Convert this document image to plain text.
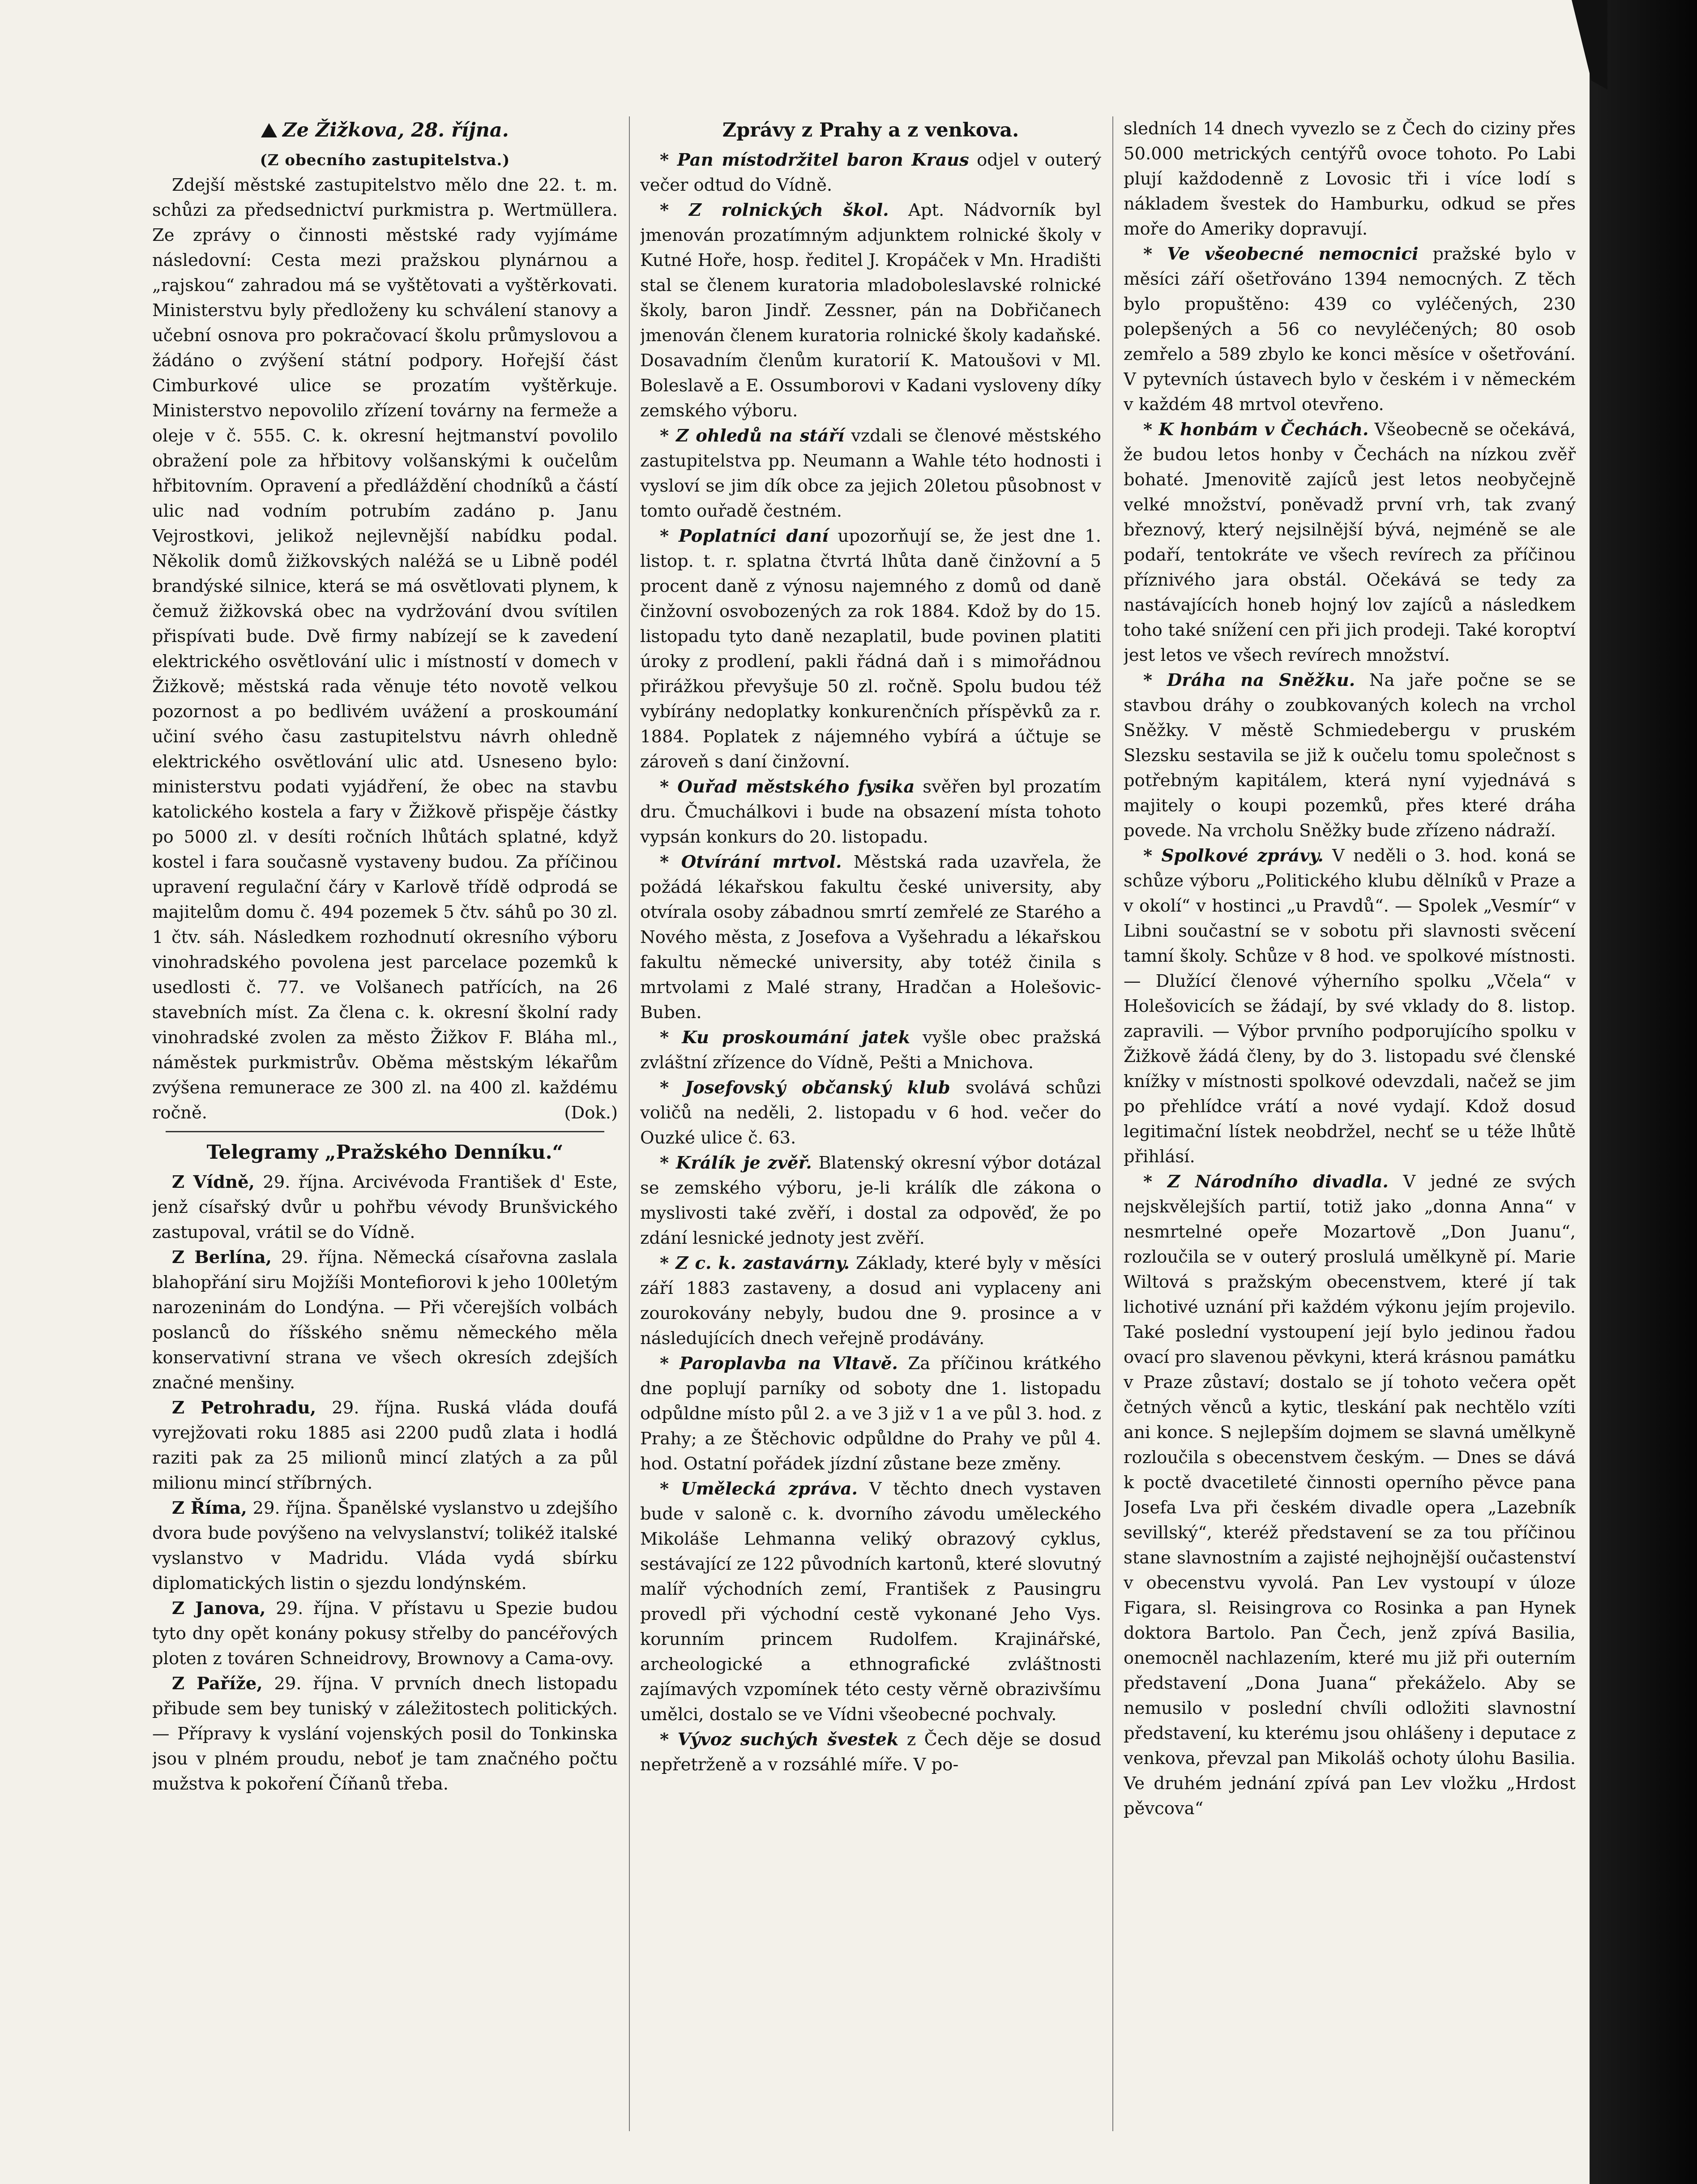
Ze Žižkova, 28. října.
(Z obecního zastupitelstva.)

Zdejší městské zastupitelstvo mělo dne 22. t. m. schůzi za předsednictví purkmistra p. Wertmüllera. Ze zprávy o činnosti městské rady vyjímáme následovní: Cesta mezi pražskou plynárnou a „rajskou“ zahradou má se vyštětovati a vyštěrkovati. Ministerstvu byly předloženy ku schválení stanovy a učební osnova pro pokračovací školu průmyslovou a žádáno o zvýšení státní podpory. Hořejší část Cimburkové ulice se prozatím vyštěrkuje. Ministerstvo nepovolilo zřízení továrny na fermeže a oleje v č. 555. C. k. okresní hejtmanství povolilo obražení pole za hřbitovy volšanskými k oučelům hřbitovním. Opravení a předláždění chodníků a částí ulic nad vodním potrubím zadáno p. Janu Vejrostkovi, jelikož nejlevnější nabídku podal. Několik domů žižkovských naléžá se u Libně podél brandýské silnice, která se má osvětlovati plynem, k čemuž žižkovská obec na vydržování dvou svítilen přispívati bude. Dvě firmy nabízejí se k zavedení elektrického osvětlování ulic i místností v domech v Žižkově; městská rada věnuje této novotě velkou pozornost a po bedlivém uvážení a proskoumání učiní svého času zastupitelstvu návrh ohledně elektrického osvětlování ulic atd. Usneseno bylo: ministerstvu podati vyjádření, že obec na stavbu katolického kostela a fary v Žižkově přispěje částky po 5000 zl. v desíti ročních lhůtách splatné, když kostel i fara současně vystaveny budou. Za příčinou upravení regulační čáry v Karlově třídě odprodá se majitelům domu č. 494 pozemek 5 čtv. sáhů po 30 zl. 1 čtv. sáh. Následkem rozhodnutí okresního výboru vinohradského povolena jest parcelace pozemků k usedlosti č. 77. ve Volšanech patřících, na 26 stavebních míst. Za člena c. k. okresní školní rady vinohradské zvolen za město Žižkov F. Bláha ml., náměstek purkmistrův. Oběma městským lékařům zvýšena remunerace ze 300 zl. na 400 zl. každému ročně.	(Dok.)

Telegramy „Pražského Denníku.“

Z Vídně, 29. října. Arcivévoda František d' Este, jenž císařský dvůr u pohřbu vévody Brunšvického zastupoval, vrátil se do Vídně.

Z Berlína, 29. října. Německá císařovna zaslala blahopřání siru Mojžíši Montefiorovi k jeho 100letým narozeninám do Londýna. — Při včerejších volbách poslanců do říšského sněmu německého měla konservativní strana ve všech okresích zdejších značné menšiny.

Z Petrohradu, 29. října. Ruská vláda doufá vyrejžovati roku 1885 asi 2200 pudů zlata i hodlá raziti pak za 25 milionů mincí zlatých a za půl milionu mincí stříbrných.

Z Říma, 29. října. Španělské vyslanstvo u zdejšího dvora bude povýšeno na velvyslanství; tolikéž italské vyslanstvo v Madridu. Vláda vydá sbírku diplomatických listin o sjezdu londýnském.

Z Janova, 29. října. V přístavu u Spezie budou tyto dny opět konány pokusy střelby do pancéřových ploten z továren Schneidrovy, Brownovy a Cama-ovy.

Z Paříže, 29. října. V prvních dnech listopadu přibude sem bey tuniský v záležitostech politických. — Přípravy k vyslání vojenských posil do Tonkinska jsou v plném proudu, neboť je tam značného počtu mužstva k pokoření Číňanů třeba.

Zprávy z Prahy a z venkova.

* Pan místodržitel baron Kraus odjel v outerý večer odtud do Vídně.

* Z rolnických škol. Apt. Nádvorník byl jmenován prozatímným adjunktem rolnické školy v Kutné Hoře, hosp. ředitel J. Kropáček v Mn. Hradišti stal se členem kuratoria mladoboleslavské rolnické školy, baron Jindř. Zessner, pán na Dobřičanech jmenován členem kuratoria rolnické školy kadaňské. Dosavadním členům kuratorií K. Matoušovi v Ml. Boleslavě a E. Ossumborovi v Kadani vysloveny díky zemského výboru.

* Z ohledů na stáří vzdali se členové městského zastupitelstva pp. Neumann a Wahle této hodnosti i vysloví se jim dík obce za jejich 20letou působnost v tomto ouřadě čestném.

* Poplatníci daní upozorňují se, že jest dne 1. listop. t. r. splatna čtvrtá lhůta daně činžovní a 5 procent daně z výnosu najemného z domů od daně činžovní osvobozených za rok 1884. Kdož by do 15. listopadu tyto daně nezaplatil, bude povinen platiti úroky z prodlení, pakli řádná daň i s mimořádnou přirážkou převyšuje 50 zl. ročně. Spolu budou též vybírány nedoplatky konkurenčních příspěvků za r. 1884. Poplatek z nájemného vybírá a účtuje se zároveň s daní činžovní.

* Ouřad městského fysika svěřen byl prozatím dru. Čmuchálkovi i bude na obsazení místa tohoto vypsán konkurs do 20. listopadu.

* Otvírání mrtvol. Městská rada uzavřela, že požádá lékařskou fakultu české university, aby otvírala osoby zábadnou smrtí zemřelé ze Starého a Nového města, z Josefova a Vyšehradu a lékařskou fakultu německé university, aby totéž činila s mrtvolami z Malé strany, Hradčan a Holešovic-Buben.

* Ku proskoumání jatek vyšle obec pražská zvláštní zřízence do Vídně, Pešti a Mnichova.

* Josefovský občanský klub svolává schůzi voličů na neděli, 2. listopadu v 6 hod. večer do Ouzké ulice č. 63.

* Králík je zvěř. Blatenský okresní výbor dotázal se zemského výboru, je-li králík dle zákona o myslivosti také zvěří, i dostal za odpověď, že po zdání lesnické jednoty jest zvěří.

* Z c. k. zastavárny. Základy, které byly v měsíci září 1883 zastaveny, a dosud ani vyplaceny ani zourokovány nebyly, budou dne 9. prosince a v následujících dnech veřejně prodávány.

* Paroplavba na Vltavě. Za příčinou krátkého dne poplují parníky od soboty dne 1. listopadu odpůldne místo půl 2. a ve 3 již v 1 a ve půl 3. hod. z Prahy; a ze Štěchovic odpůldne do Prahy ve půl 4. hod. Ostatní pořádek jízdní zůstane beze změny.

* Umělecká zpráva. V těchto dnech vystaven bude v saloně c. k. dvorního závodu uměleckého Mikoláše Lehmanna veliký obrazový cyklus, sestávající ze 122 původních kartonů, které slovutný malíř východních zemí, František z Pausingru provedl při východní cestě vykonané Jeho Vys. korunním princem Rudolfem. Krajinářské, archeologické a ethnografické zvláštnosti zajímavých vzpomínek této cesty věrně obrazivšímu umělci, dostalo se ve Vídni všeobecné pochvaly.

* Vývoz suchých švestek z Čech děje se dosud nepřetrženě a v rozsáhlé míře. V po-

sledních 14 dnech vyvezlo se z Čech do ciziny přes 50.000 metrických centýřů ovoce tohoto. Po Labi plují každodenně z Lovosic tři i více lodí s nákladem švestek do Hamburku, odkud se přes moře do Ameriky dopravují.

* Ve všeobecné nemocnici pražské bylo v měsíci září ošetřováno 1394 nemocných. Z těch bylo propuštěno: 439 co vyléčených, 230 polepšených a 56 co nevyléčených; 80 osob zemřelo a 589 zbylo ke konci měsíce v ošetřování. V pytevních ústavech bylo v českém i v německém v každém 48 mrtvol otevřeno.

* K honbám v Čechách. Všeobecně se očekává, že budou letos honby v Čechách na nízkou zvěř bohaté. Jmenovitě zajíců jest letos neobyčejně velké množství, poněvadž první vrh, tak zvaný březnový, který nejsilnější bývá, nejméně se ale podaří, tentokráte ve všech revírech za příčinou příznivého jara obstál. Očekává se tedy za nastávajících honeb hojný lov zajíců a následkem toho také snížení cen při jich prodeji. Také koroptví jest letos ve všech revírech množství.

* Dráha na Sněžku. Na jaře počne se se stavbou dráhy o zoubkovaných kolech na vrchol Sněžky. V městě Schmiedebergu v pruském Slezsku sestavila se již k oučelu tomu společnost s potřebným kapitálem, která nyní vyjednává s majitely o koupi pozemků, přes které dráha povede. Na vrcholu Sněžky bude zřízeno nádraží.

* Spolkové zprávy. V neděli o 3. hod. koná se schůze výboru „Politického klubu dělníků v Praze a v okolí“ v hostinci „u Pravdů“. — Spolek „Vesmír“ v Libni součastní se v sobotu při slavnosti svěcení tamní školy. Schůze v 8 hod. ve spolkové místnosti. — Dlužící členové výherního spolku „Včela“ v Holešovicích se žádají, by své vklady do 8. listop. zapravili. — Výbor prvního podporujícího spolku v Žižkově žádá členy, by do 3. listopadu své členské knížky v místnosti spolkové odevzdali, načež se jim po přehlídce vrátí a nové vydají. Kdož dosud legitimační lístek neobdržel, nechť se u téže lhůtě přihlásí.

* Z Národního divadla. V jedné ze svých nejskvělejších partií, totiž jako „donna Anna“ v nesmrtelné opeře Mozartově „Don Juanu“, rozloučila se v outerý proslulá umělkyně pí. Marie Wiltová s pražským obecenstvem, které jí tak lichotivé uznání při každém výkonu jejím projevilo. Také poslední vystoupení její bylo jedinou řadou ovací pro slavenou pěvkyni, která krásnou památku v Praze zůstaví; dostalo se jí tohoto večera opět četných věnců a kytic, tleskání pak nechtělo vzíti ani konce. S nejlepším dojmem se slavná umělkyně rozloučila s obecenstvem českým. — Dnes se dává k poctě dvacetileté činnosti operního pěvce pana Josefa Lva při českém divadle opera „Lazebník sevillský“, kteréž představení se za tou příčinou stane slavnostním a zajisté nejhojnější oučastenství v obecenstvu vyvolá. Pan Lev vystoupí v úloze Figara, sl. Reisingrova co Rosinka a pan Hynek doktora Bartolo. Pan Čech, jenž zpívá Basilia, onemocněl nachlazením, které mu již při outerním představení „Dona Juana“ překáželo. Aby se nemusilo v poslední chvíli odložiti slavnostní představení, ku kterému jsou ohlášeny i deputace z venkova, převzal pan Mikoláš ochoty úlohu Basilia. Ve druhém jednání zpívá pan Lev vložku „Hrdost pěvcova“
